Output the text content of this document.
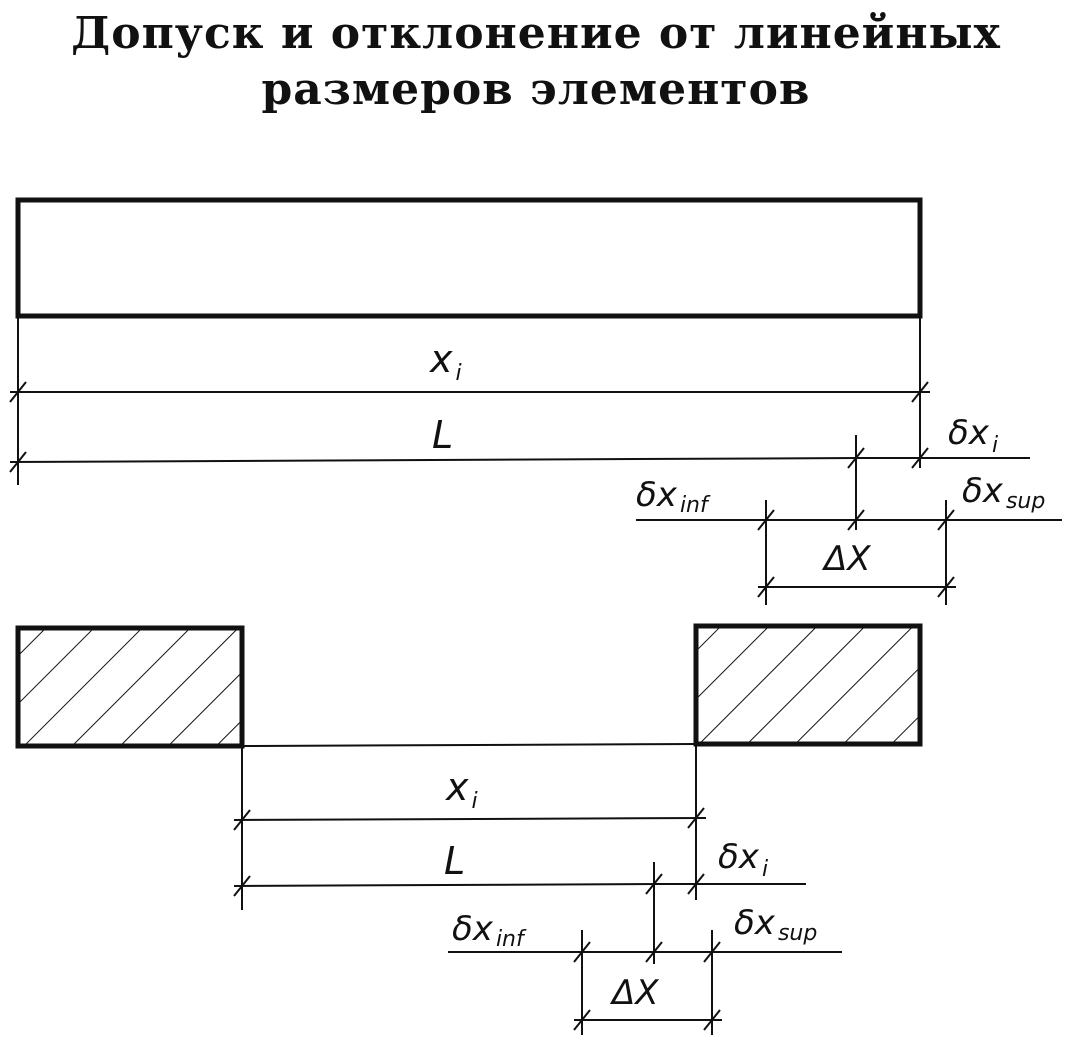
Допуск и отклонение от линейных
размеров элементов
x $_i$
L	δx $_i$
δx inf	δx sup
ΔX
x $_i$
L	δx $_i$
δx inf	δx sup
ΔX
